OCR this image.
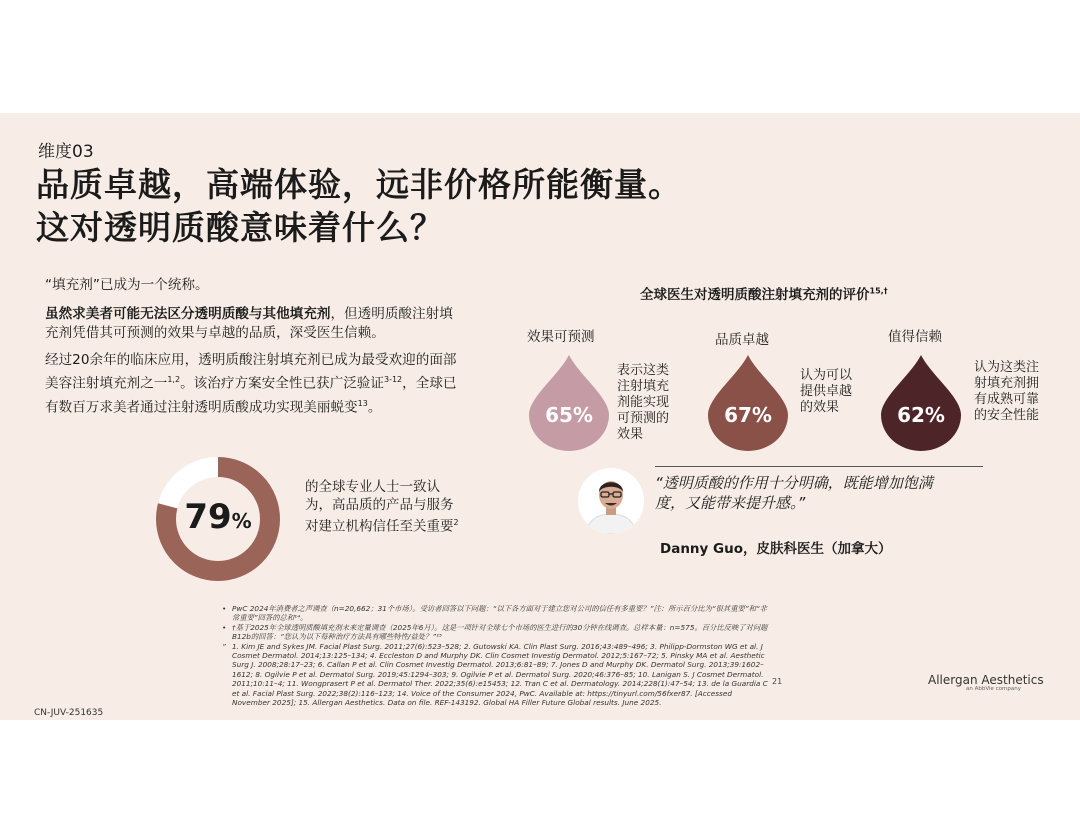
维度03
品质卓越，高端体验，远非价格所能衡量。
这对透明质酸意味着什么？
“填充剂”已成为一个统称。
虽然求美者可能无法区分透明质酸与其他填充剂，但透明质酸注射填充剂凭借其可预测的效果与卓越的品质，深受医生信赖。
经过20余年的临床应用，透明质酸注射填充剂已成为最受欢迎的面部美容注射填充剂之一$^{1,2}$。该治疗方案安全性已获广泛验证$^{3-12}$，全球已有数百万求美者通过注射透明质酸成功实现美丽蜕变$^{13}$。
79%
的全球专业人士一致认为，高品质的产品与服务对建立机构信任至关重要$^2$
全球医生对透明质酸注射填充剂的评价$^{15,\dagger}$
效果可预测
65%
表示这类
注射填充
剂能实现
可预测的
效果
品质卓越
67%
认为可以
提供卓越
的效果
值得信赖
62%
认为这类注
射填充剂拥
有成熟可靠
的安全性能
“透明质酸的作用十分明确，既能增加饱满
度，又能带来提升感。”
Danny Guo，皮肤科医生（加拿大）
• PwC 2024年消费者之声调查（n=20,662；31个市场）。受访者回答以下问题：“以下各方面对于建立您对公司的信任有多重要？”注：所示百分比为“很其重要”和“非常重要”回答的总和¹⁴。
• †基于2025年全球透明质酸填充剂未来定量调查（2025年6月）。这是一项针对全球七个市场的医生进行的30分钟在线调查。总样本量：n=575。百分比反映了对问题B12b的回答：“您认为以下每种治疗方法具有哪些特性/益处？”¹⁵
” 1. Kim JE and Sykes JM. Facial Plast Surg. 2011;27(6):523–528; 2. Gutowski KA. Clin Plast Surg. 2016;43:489–496; 3. Philipp-Dormston WG et al. J Cosmet Dermatol. 2014;13:125–134; 4. Eccleston D and Murphy DK. Clin Cosmet Investig Dermatol. 2012;5:167–72; 5. Pinsky MA et al. Aesthetic Surg J. 2008;28:17–23; 6. Callan P et al. Clin Cosmet Investig Dermatol. 2013;6:81–89; 7. Jones D and Murphy DK. Dermatol Surg. 2013;39:1602–1612; 8. Ogilvie P et al. Dermatol Surg. 2019;45:1294–303; 9. Ogilvie P et al. Dermatol Surg. 2020;46:376–85; 10. Lanigan S. J Cosmet Dermatol. 2011;10:11–4; 11. Wongprasert P et al. Dermatol Ther. 2022;35(6):e15453; 12. Tran C et al. Dermatology. 2014;228(1):47–54; 13. de la Guardia C et al. Facial Plast Surg. 2022;38(2):116–123; 14. Voice of the Consumer 2024, PwC. Available at: https://tinyurl.com/56fxer87. [Accessed November 2025]; 15. Allergan Aesthetics. Data on file. REF-143192. Global HA Filler Future Global results. June 2025.
21	Allergan Aesthetics
an AbbVie company
CN-JUV-251635
